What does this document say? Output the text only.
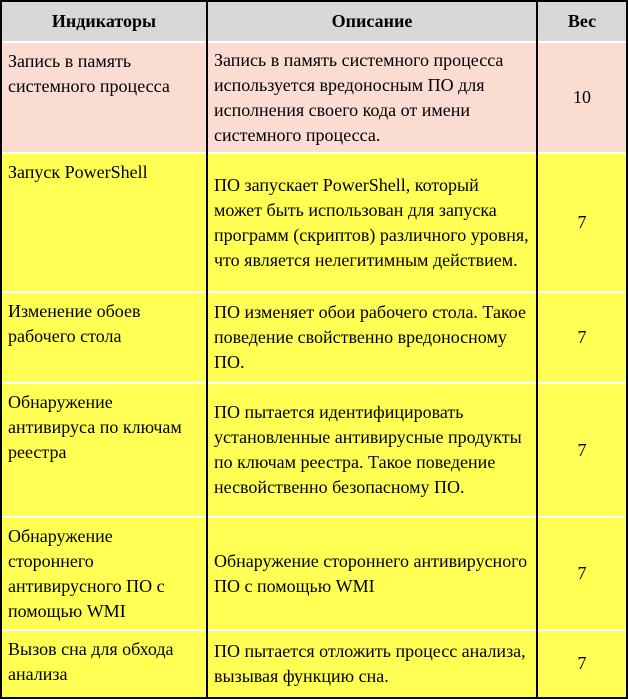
Индикаторы	Описание	Вес
Запись в память системного процесса	Запись в память системного процесса используется вредоносным ПО для исполнения своего кода от имени системного процесса.	10
Запуск PowerShell	ПО запускает PowerShell, который может быть использован для запуска программ (скриптов) различного уровня, что является нелегитимным действием.	7
Изменение обоев рабочего стола	ПО изменяет обои рабочего стола. Такое поведение свойственно вредоносному ПО.	7
Обнаружение антивируса по ключам реестра	ПО пытается идентифицировать установленные антивирусные продукты по ключам реестра. Такое поведение несвойственно безопасному ПО.	7
Обнаружение стороннего антивирусного ПО с помощью WMI	Обнаружение стороннего антивирусного ПО с помощью WMI	7
Вызов сна для обхода анализа	ПО пытается отложить процесс анализа, вызывая функцию сна.	7
